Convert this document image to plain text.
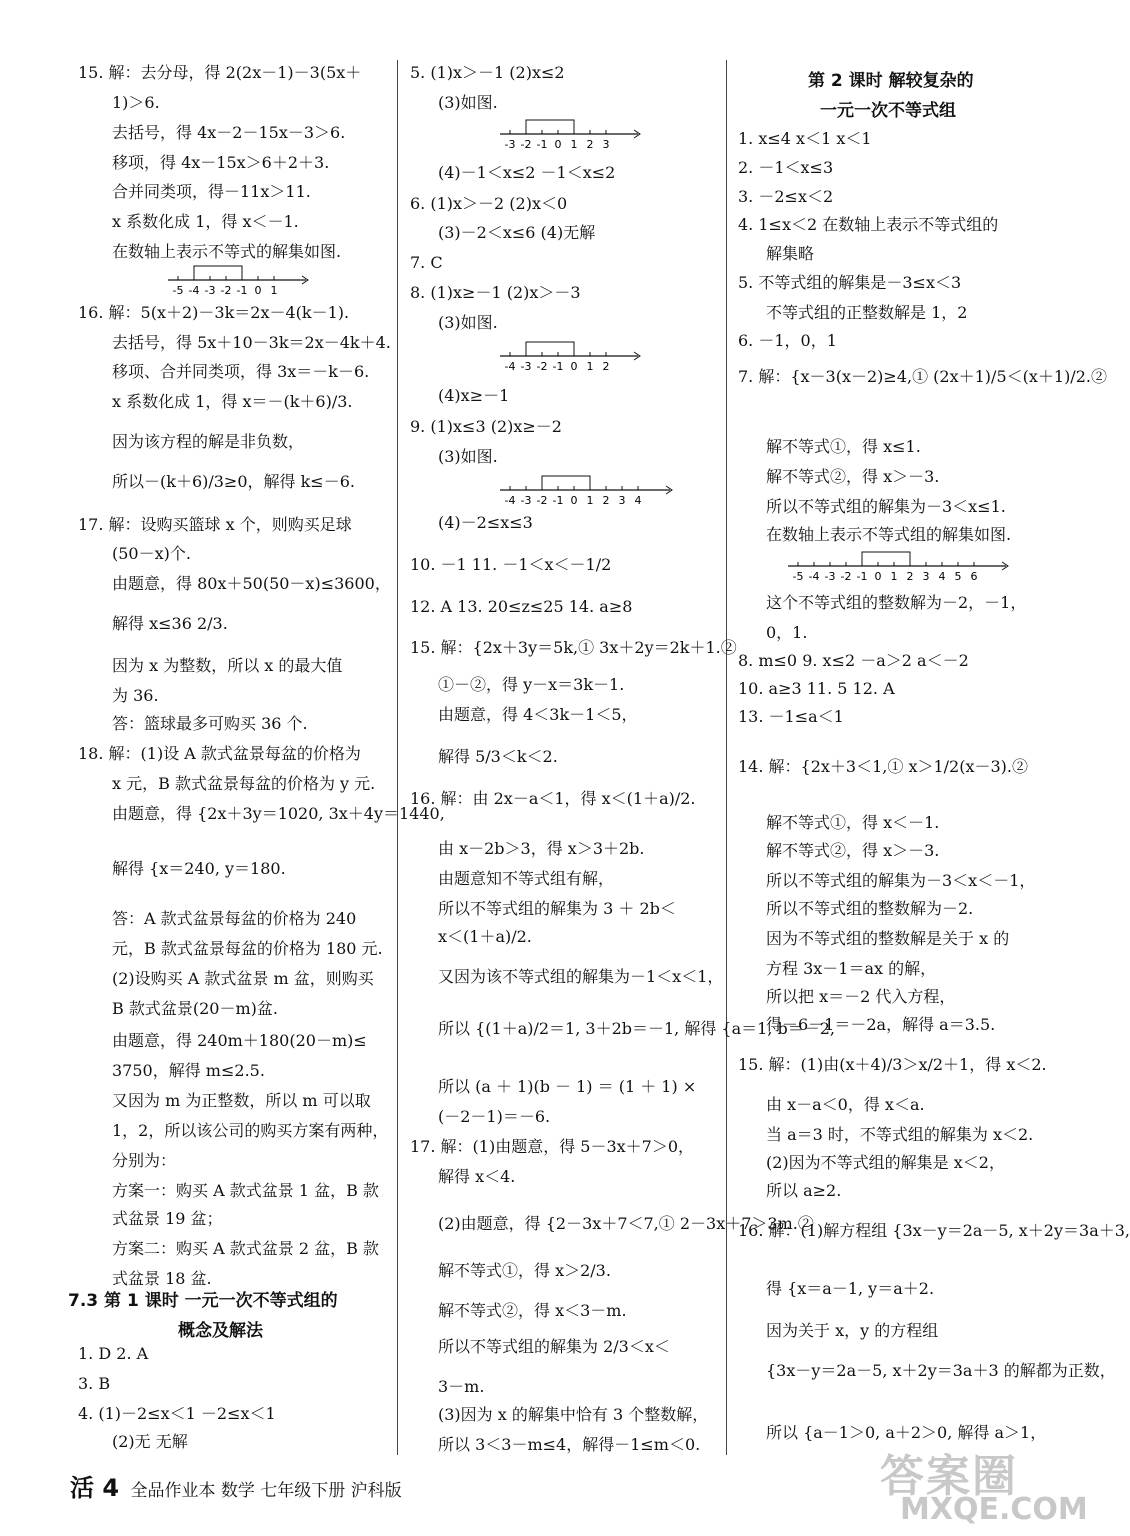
15. 解：去分母，得 2(2x－1)－3(5x＋
1)＞6.
去括号，得 4x－2－15x－3＞6.
移项，得 4x－15x＞6＋2＋3.
合并同类项，得－11x＞11.
x 系数化成 1，得 x＜－1.
在数轴上表示不等式的解集如图.
16. 解：5(x＋2)－3k＝2x－4(k－1).
去括号，得 5x＋10－3k＝2x－4k＋4.
移项、合并同类项，得 3x＝－k－6.
x 系数化成 1，得 x＝－(k＋6)/3.
因为该方程的解是非负数，
所以－(k＋6)/3≥0，解得 k≤－6.
17. 解：设购买篮球 x 个，则购买足球
(50－x)个.
由题意，得 80x＋50(50－x)≤3600，
解得 x≤36 2/3.
因为 x 为整数，所以 x 的最大值
为 36.
答：篮球最多可购买 36 个.
18. 解：(1)设 A 款式盆景每盆的价格为
x 元，B 款式盆景每盆的价格为 y 元.
由题意，得 {2x＋3y＝1020, 3x＋4y＝1440,
解得 {x＝240, y＝180.
答：A 款式盆景每盆的价格为 240
元，B 款式盆景每盆的价格为 180 元.
(2)设购买 A 款式盆景 m 盆，则购买
B 款式盆景(20－m)盆.
由题意，得 240m＋180(20－m)≤
3750，解得 m≤2.5.
又因为 m 为正整数，所以 m 可以取
1，2，所以该公司的购买方案有两种，
分别为：
方案一：购买 A 款式盆景 1 盆，B 款
式盆景 19 盆；
方案二：购买 A 款式盆景 2 盆，B 款
式盆景 18 盆.
7.3 第 1 课时 一元一次不等式组的
概念及解法
1. D 2. A
3. B
4. (1)－2≤x＜1 －2≤x＜1
(2)无 无解
5. (1)x＞－1 (2)x≤2
(3)如图.
(4)－1＜x≤2 －1＜x≤2
6. (1)x＞－2 (2)x＜0
(3)－2＜x≤6 (4)无解
7. C
8. (1)x≥－1 (2)x＞－3
(3)如图.
(4)x≥－1
9. (1)x≤3 (2)x≥－2
(3)如图.
(4)－2≤x≤3
10. －1 11. －1＜x＜－1/2
12. A 13. 20≤z≤25 14. a≥8
15. 解：{2x＋3y＝5k,① 3x＋2y＝2k＋1.②
①－②，得 y－x＝3k－1.
由题意，得 4＜3k－1＜5，
解得 5/3＜k＜2.
16. 解：由 2x－a＜1，得 x＜(1＋a)/2.
由 x－2b＞3，得 x＞3＋2b.
由题意知不等式组有解，
所以不等式组的解集为 3 ＋ 2b＜
x＜(1＋a)/2.
又因为该不等式组的解集为－1＜x＜1，
所以 {(1＋a)/2＝1, 3＋2b＝－1, 解得 {a＝1, b＝－2,
所以 (a ＋ 1)(b － 1) ＝ (1 ＋ 1) ×
(－2－1)＝－6.
17. 解：(1)由题意，得 5－3x＋7＞0，
解得 x＜4.
(2)由题意，得 {2－3x＋7＜7,① 2－3x＋7＞3m.②
解不等式①，得 x＞2/3.
解不等式②，得 x＜3－m.
所以不等式组的解集为 2/3＜x＜
3－m.
(3)因为 x 的解集中恰有 3 个整数解，
所以 3＜3－m≤4，解得－1≤m＜0.
第 2 课时 解较复杂的
一元一次不等式组
1. x≤4 x＜1 x＜1
2. －1＜x≤3
3. －2≤x＜2
4. 1≤x＜2 在数轴上表示不等式组的
解集略
5. 不等式组的解集是－3≤x＜3
不等式组的正整数解是 1，2
6. －1，0，1
7. 解：{x－3(x－2)≥4,① (2x＋1)/5＜(x＋1)/2.②
解不等式①，得 x≤1.
解不等式②，得 x＞－3.
所以不等式组的解集为－3＜x≤1.
在数轴上表示不等式组的解集如图.
这个不等式组的整数解为－2，－1，
0，1.
8. m≤0 9. x≤2 －a＞2 a＜－2
10. a≥3 11. 5 12. A
13. －1≤a＜1
14. 解：{2x＋3＜1,① x＞1/2(x－3).②
解不等式①，得 x＜－1.
解不等式②，得 x＞－3.
所以不等式组的解集为－3＜x＜－1，
所以不等式组的整数解为－2.
因为不等式组的整数解是关于 x 的
方程 3x－1＝ax 的解，
所以把 x＝－2 代入方程，
得－6－1＝－2a，解得 a＝3.5.
15. 解：(1)由(x＋4)/3＞x/2＋1，得 x＜2.
由 x－a＜0，得 x＜a.
当 a＝3 时，不等式组的解集为 x＜2.
(2)因为不等式组的解集是 x＜2，
所以 a≥2.
16. 解：(1)解方程组 {3x－y＝2a－5, x＋2y＝3a＋3,
得 {x＝a－1, y＝a＋2.
因为关于 x，y 的方程组
{3x－y＝2a－5, x＋2y＝3a＋3 的解都为正数，
所以 {a－1＞0, a＋2＞0, 解得 a＞1，
活 4 全品作业本 数学 七年级下册 沪科版	答案圈
MXQE.COM
-5 -4 -3 -2 -1 0 1
-3 -2 -1 0 1 2 3
-4 -3 -2 -1 0 1 2
-4 -3 -2 -1 0 1 2 3 4
-5 -4 -3 -2 -1 0 1 2 3 4 5 6
